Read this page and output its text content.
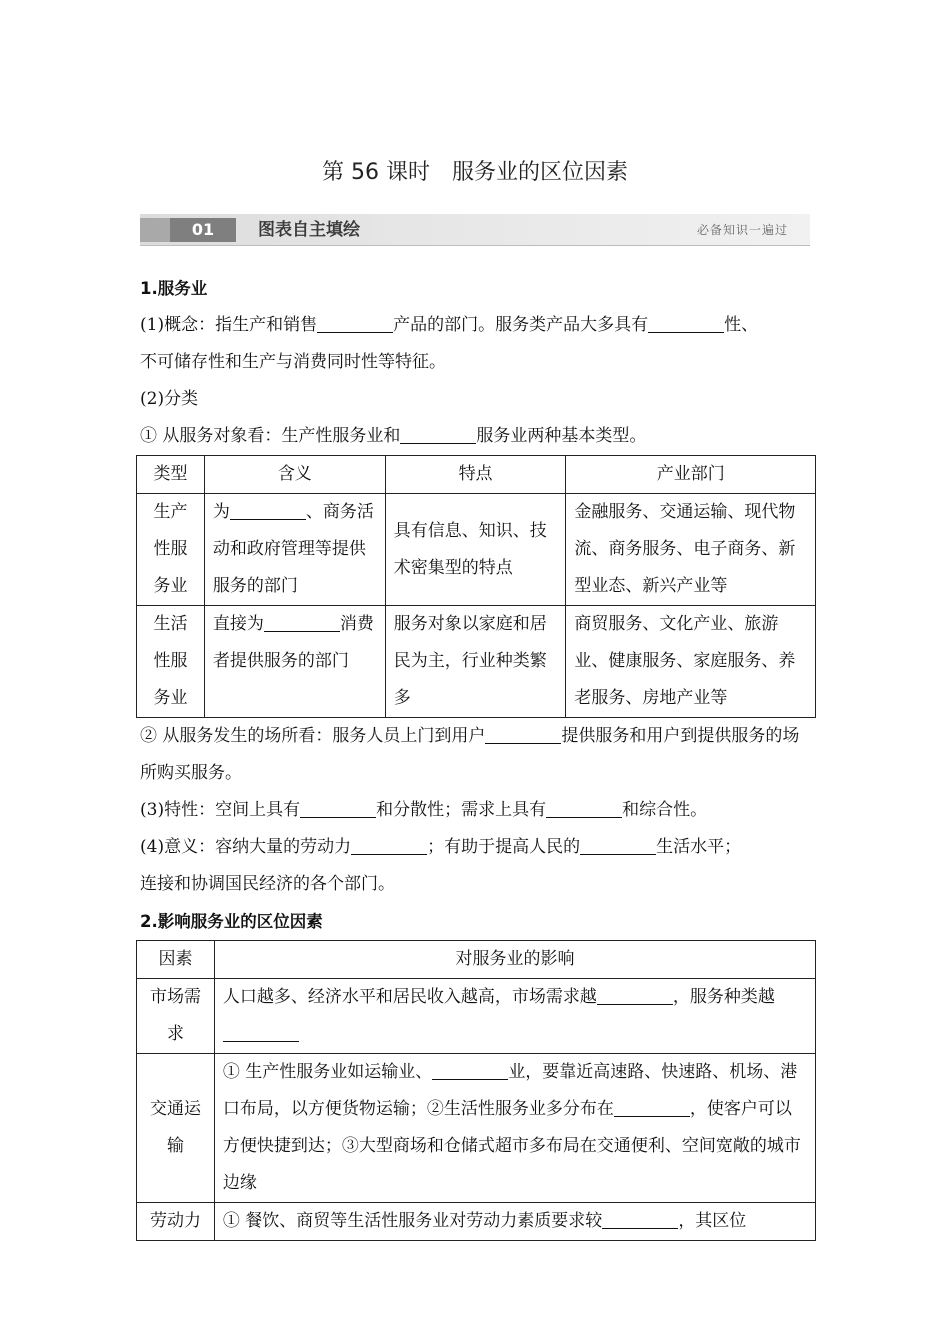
第 56 课时　服务业的区位因素
01	图表自主填绘	必备知识一遍过

1.服务业

(1)概念：指生产和销售	产品的部门。服务类产品大多具有	性、

不可储存性和生产与消费同时性等特征。

(2)分类

① 从服务对象看：生产性服务业和	服务业两种基本类型。

类型	含义	特点	产业部门
生产性服务业	为 、商务活动和政府管理等提供服务的部门	具有信息、知识、技术密集型的特点	金融服务、交通运输、现代物流、商务服务、电子商务、新型业态、新兴产业等
生活性服务业	直接为 消费者提供服务的部门	服务对象以家庭和居民为主，行业种类繁多	商贸服务、文化产业、旅游业、健康服务、家庭服务、养老服务、房地产业等

② 从服务发生的场所看：服务人员上门到用户	提供服务和用户到提供服务的场所购买服务。

(3)特性：空间上具有	和分散性；需求上具有	和综合性。

(4)意义：容纳大量的劳动力	；有助于提高人民的	生活水平；

连接和协调国民经济的各个部门。

2.影响服务业的区位因素

因素	对服务业的影响
市场需求	人口越多、经济水平和居民收入越高，市场需求越 ，服务种类越
交通运输	① 生产性服务业如运输业、 业，要靠近高速路、快速路、机场、港口布局，以方便货物运输；②生活性服务业多分布在 ，使客户可以方便快捷到达；③大型商场和仓储式超市多布局在交通便利、空间宽敞的城市边缘
劳动力	① 餐饮、商贸等生活性服务业对劳动力素质要求较 ，其区位
